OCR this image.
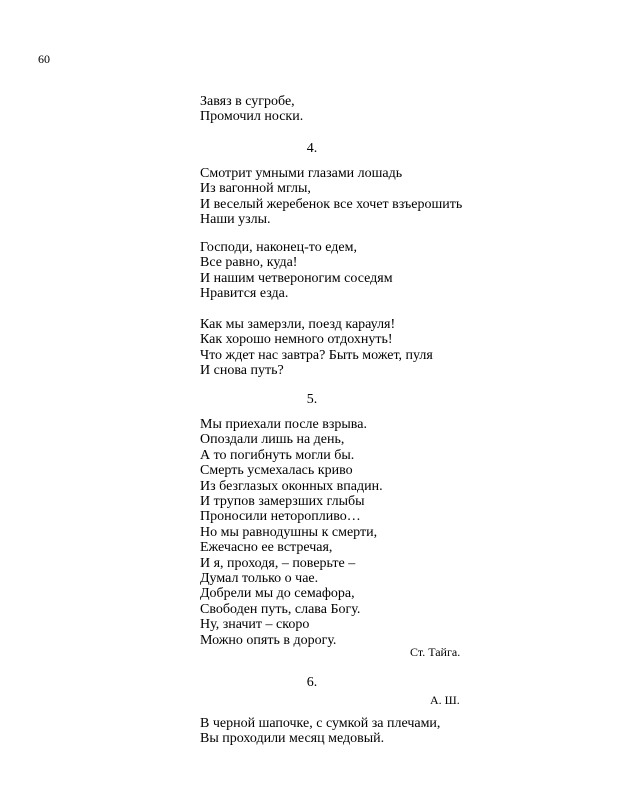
60
Завяз в сугробе,
Промочил носки.
4.
Смотрит умными глазами лошадь
Из вагонной мглы,
И веселый жеребенок все хочет взъерошить
Наши узлы.
Господи, наконец-то едем,
Все равно, куда!
И нашим четвероногим соседям
Нравится езда.
Как мы замерзли, поезд карауля!
Как хорошо немного отдохнуть!
Что ждет нас завтра? Быть может, пуля
И снова путь?
5.
Мы приехали после взрыва.
Опоздали лишь на день,
А то погибнуть могли бы.
Смерть усмехалась криво
Из безглазых оконных впадин.
И трупов замерзших глыбы
Проносили неторопливо…
Но мы равнодушны к смерти,
Ежечасно ее встречая,
И я, проходя, – поверьте –
Думал только о чае.
Добрели мы до семафора,
Свободен путь, слава Богу.
Ну, значит – скоро
Можно опять в дорогу.
Ст. Тайга.
6.
А. Ш.
В черной шапочке, с сумкой за плечами,
Вы проходили месяц медовый.
